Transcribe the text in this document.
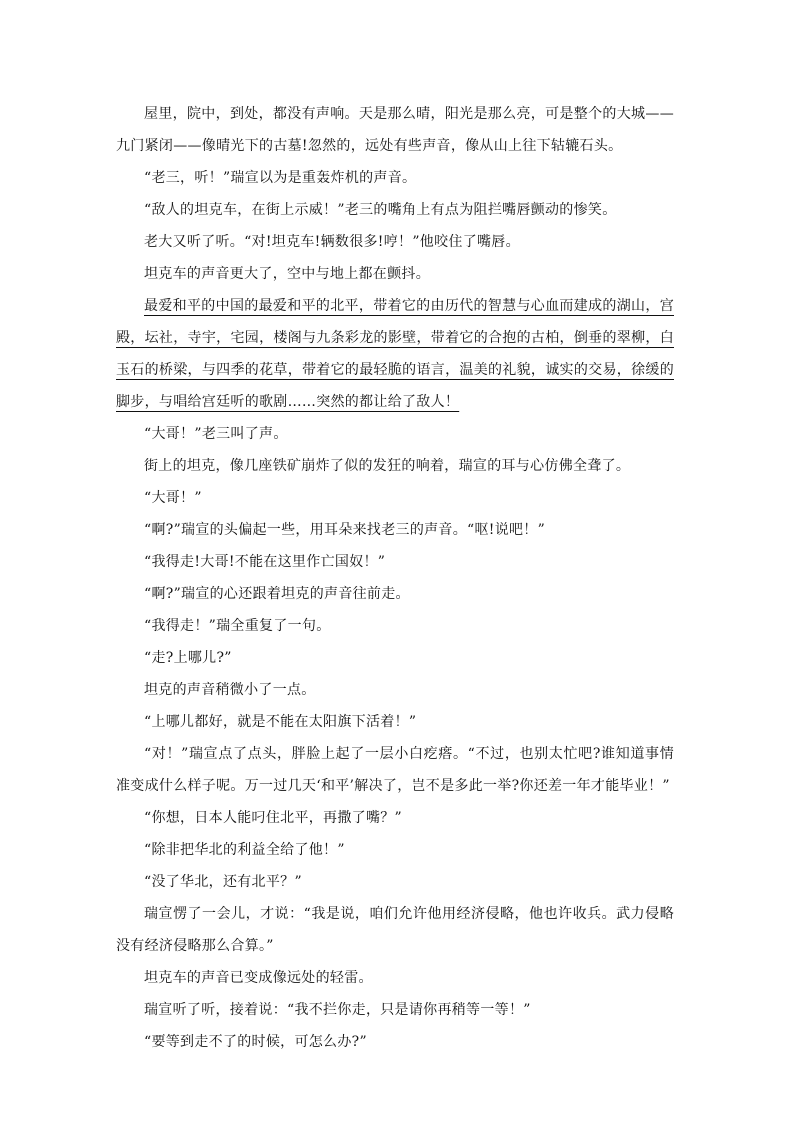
屋里，院中，到处，都没有声响。天是那么晴，阳光是那么亮，可是整个的大城——九门紧闭——像晴光下的古墓!忽然的，远处有些声音，像从山上往下轱辘石头。

“老三，听！”瑞宣以为是重轰炸机的声音。

“敌人的坦克车，在街上示威！”老三的嘴角上有点为阻拦嘴唇颤动的惨笑。

老大又听了听。“对!坦克车!辆数很多!哼！”他咬住了嘴唇。

坦克车的声音更大了，空中与地上都在颤抖。

最爱和平的中国的最爱和平的北平，带着它的由历代的智慧与心血而建成的湖山，宫殿，坛社，寺宇，宅园，楼阁与九条彩龙的影壁，带着它的合抱的古柏，倒垂的翠柳，白玉石的桥梁，与四季的花草，带着它的最轻脆的语言，温美的礼貌，诚实的交易，徐缓的脚步，与唱给宫廷听的歌剧……突然的都让给了敌人！

“大哥！”老三叫了声。

街上的坦克，像几座铁矿崩炸了似的发狂的响着，瑞宣的耳与心仿佛全聋了。

“大哥！”

“啊?”瑞宣的头偏起一些，用耳朵来找老三的声音。“呕!说吧！”

“我得走!大哥!不能在这里作亡国奴！”

“啊?”瑞宣的心还跟着坦克的声音往前走。

“我得走！”瑞全重复了一句。

“走?上哪儿?”

坦克的声音稍微小了一点。

“上哪儿都好，就是不能在太阳旗下活着！”

“对！”瑞宣点了点头，胖脸上起了一层小白疙瘩。“不过，也别太忙吧?谁知道事情准变成什么样子呢。万一过几天‘和平’解决了，岂不是多此一举?你还差一年才能毕业！”

“你想，日本人能叼住北平，再撒了嘴？”

“除非把华北的利益全给了他！”

“没了华北，还有北平？”

瑞宣愣了一会儿，才说：“我是说，咱们允许他用经济侵略，他也许收兵。武力侵略没有经济侵略那么合算。”

坦克车的声音已变成像远处的轻雷。

瑞宣听了听，接着说：“我不拦你走，只是请你再稍等一等！”

“要等到走不了的时候，可怎么办?”
